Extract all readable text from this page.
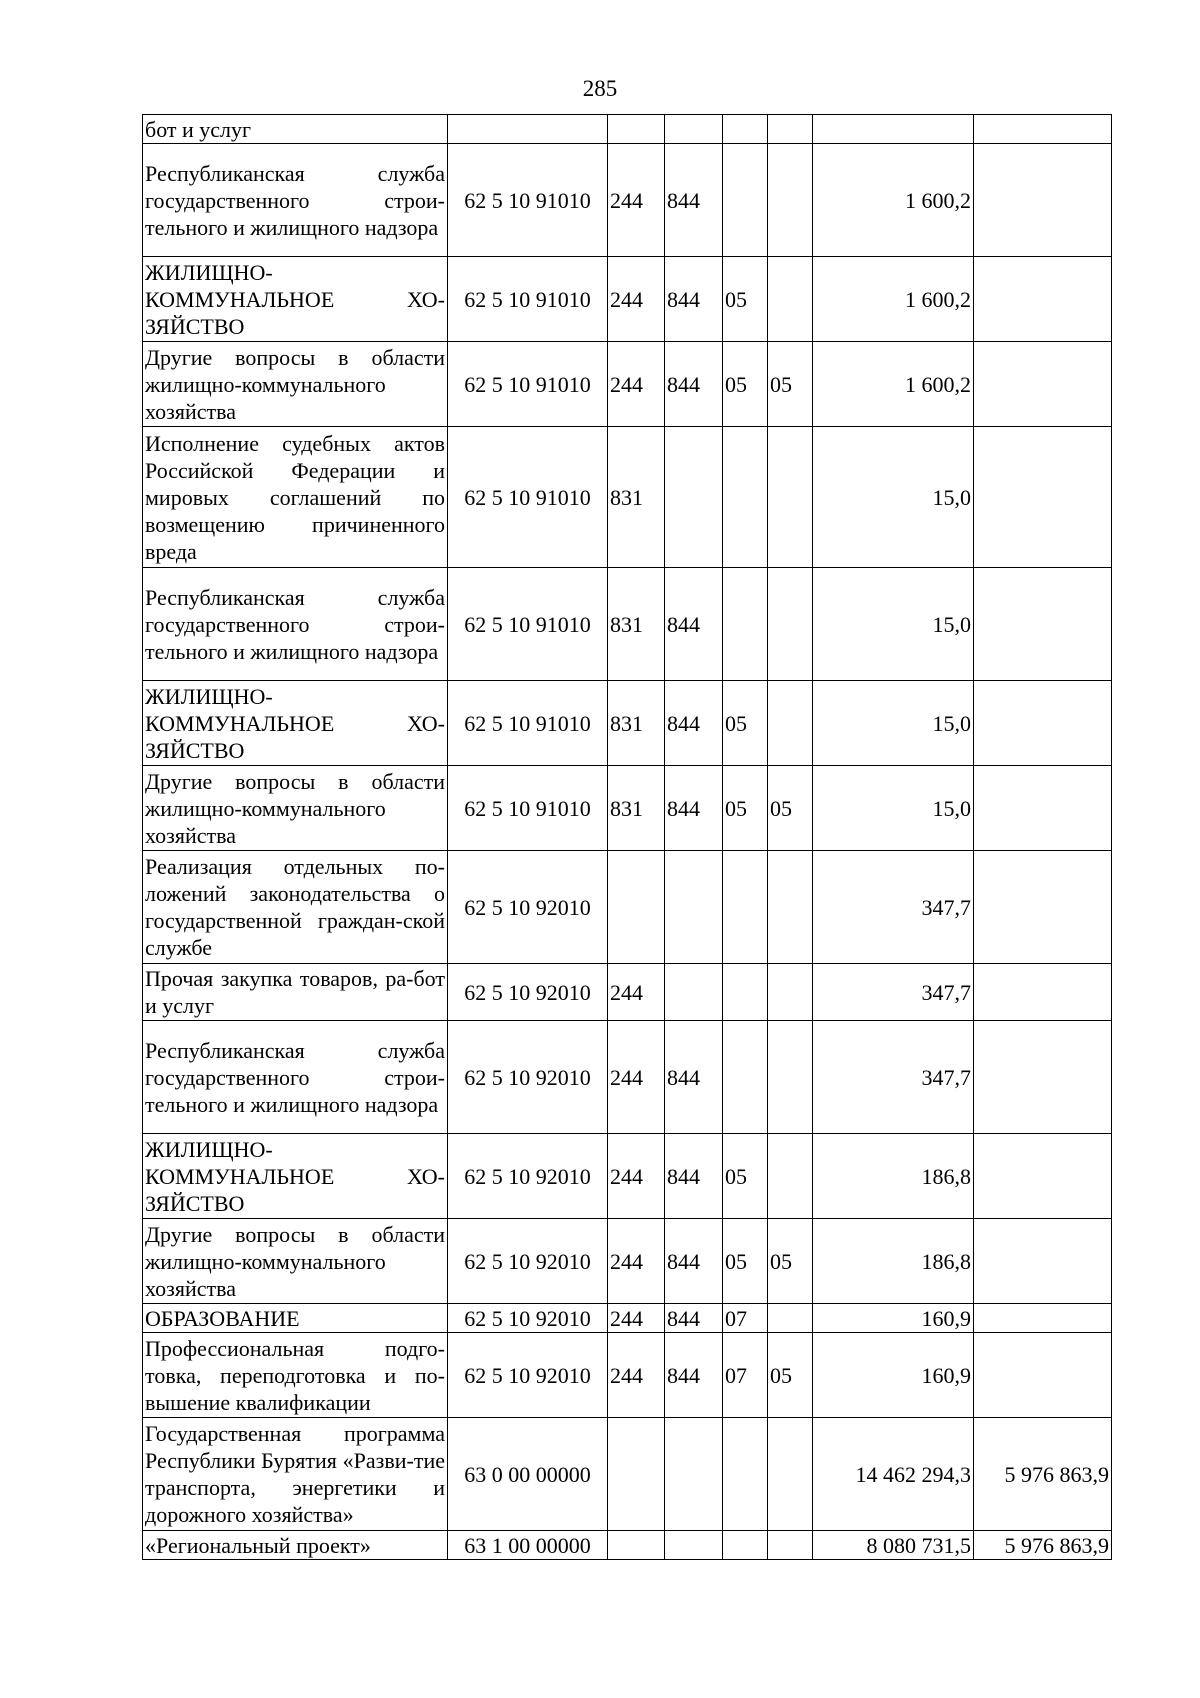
285
бот и услуг							
Республиканская служба государственного строи-тельного и жилищного надзора	62 5 10 91010	244	844			1 600,2	
ЖИЛИЩНО-КОММУНАЛЬНОЕ ХО-ЗЯЙСТВО	62 5 10 91010	244	844	05		1 600,2	
Другие вопросы в области жилищно-коммунального хозяйства	62 5 10 91010	244	844	05	05	1 600,2	
Исполнение судебных актов Российской Федерации и мировых соглашений по возмещению причиненного вреда	62 5 10 91010	831				15,0	
Республиканская служба государственного строи-тельного и жилищного надзора	62 5 10 91010	831	844			15,0	
ЖИЛИЩНО-КОММУНАЛЬНОЕ ХО-ЗЯЙСТВО	62 5 10 91010	831	844	05		15,0	
Другие вопросы в области жилищно-коммунального хозяйства	62 5 10 91010	831	844	05	05	15,0	
Реализация отдельных по-ложений законодательства о государственной граждан-ской службе	62 5 10 92010					347,7	
Прочая закупка товаров, ра-бот и услуг	62 5 10 92010	244				347,7	
Республиканская служба государственного строи-тельного и жилищного надзора	62 5 10 92010	244	844			347,7	
ЖИЛИЩНО-КОММУНАЛЬНОЕ ХО-ЗЯЙСТВО	62 5 10 92010	244	844	05		186,8	
Другие вопросы в области жилищно-коммунального хозяйства	62 5 10 92010	244	844	05	05	186,8	
ОБРАЗОВАНИЕ	62 5 10 92010	244	844	07		160,9	
Профессиональная подго-товка, переподготовка и по-вышение квалификации	62 5 10 92010	244	844	07	05	160,9	
Государственная программа Республики Бурятия «Разви-тие транспорта, энергетики и дорожного хозяйства»	63 0 00 00000					14 462 294,3	5 976 863,9
«Региональный проект»	63 1 00 00000					8 080 731,5	5 976 863,9
